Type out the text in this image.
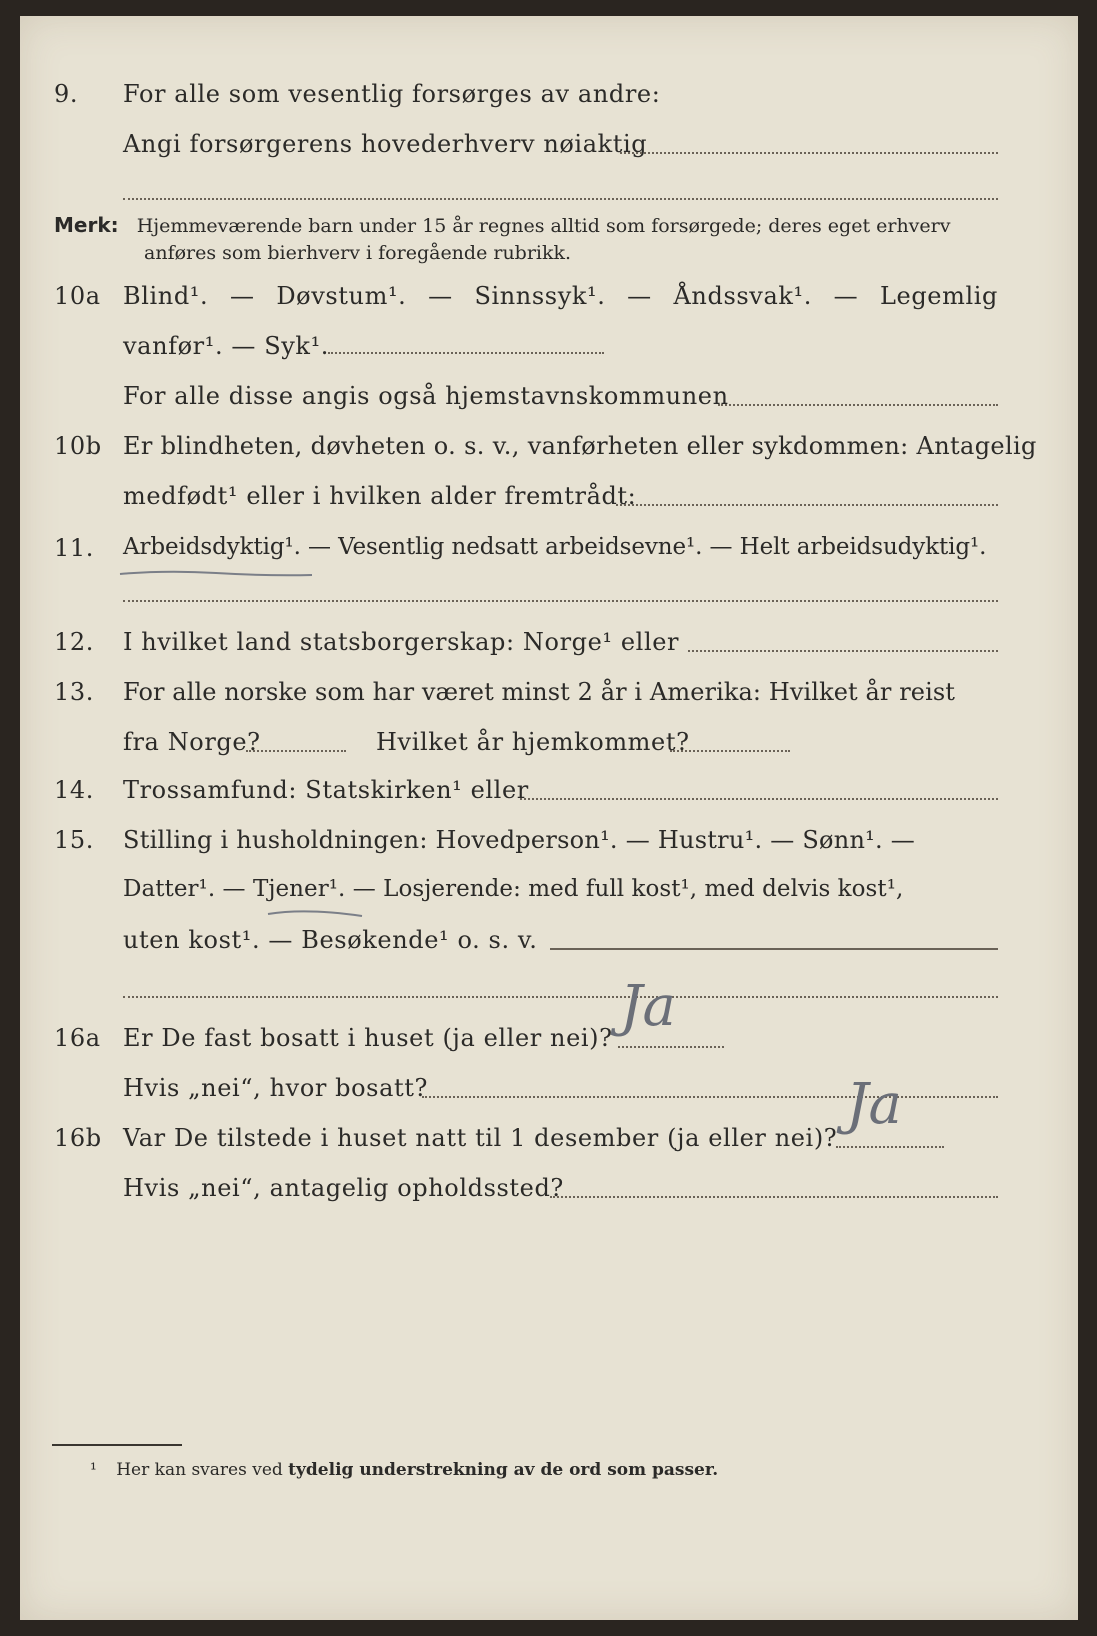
9. For alle som vesentlig forsørges av andre:
Angi forsørgerens hovederhverv nøiaktig
Merk: Hjemmeværende barn under 15 år regnes alltid som forsørgede; deres eget erhverv
anføres som bierhverv i foregående rubrikk.
10a Blind¹. — Døvstum¹. — Sinnssyk¹. — Åndssvak¹. — Legemlig
vanfør¹. — Syk¹.
For alle disse angis også hjemstavnskommunen
10b Er blindheten, døvheten o. s. v., vanførheten eller sykdommen: Antagelig
medfødt¹ eller i hvilken alder fremtrådt:
11. Arbeidsdyktig¹. — Vesentlig nedsatt arbeidsevne¹. — Helt arbeidsudyktig¹.
12. I hvilket land statsborgerskap: Norge¹ eller
13. For alle norske som har været minst 2 år i Amerika: Hvilket år reist
fra Norge?	Hvilket år hjemkommet?
14. Trossamfund: Statskirken¹ eller
15. Stilling i husholdningen: Hovedperson¹. — Hustru¹. — Sønn¹. —
Datter¹. — Tjener¹. — Losjerende: med full kost¹, med delvis kost¹,
uten kost¹. — Besøkende¹ o. s. v.
16a Er De fast bosatt i huset (ja eller nei)? Ja
Hvis „nei“, hvor bosatt?
16b Var De tilstede i huset natt til 1 desember (ja eller nei)?
Ja
Hvis „nei“, antagelig opholdssted?
¹ Her kan svares ved tydelig understrekning av de ord som passer.
